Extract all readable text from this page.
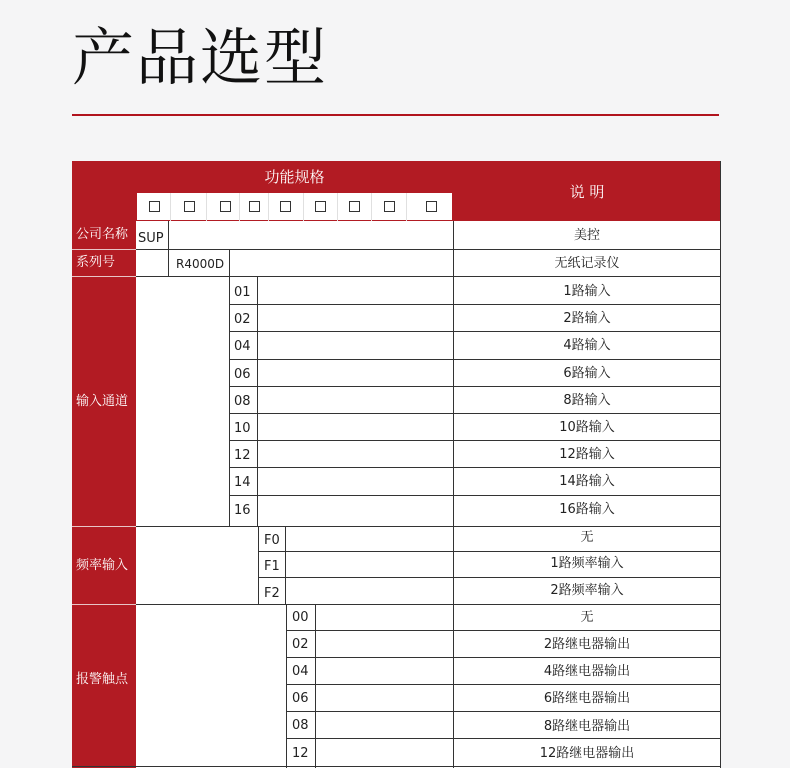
产品选型
功能规格
说 明
公司名称
系列号
输入通道
频率输入
报警触点
SUP	美控
R4000D	无纸记录仪
01
02
04
06
08
10
12
14
16
1路输入
2路输入
4路输入
6路输入
8路输入
10路输入
12路输入
14路输入
16路输入
F0
F1
F2
无
1路频率输入
2路频率输入
00
02
04
06
08
12
无
2路继电器输出
4路继电器输出
6路继电器输出
8路继电器输出
12路继电器输出
